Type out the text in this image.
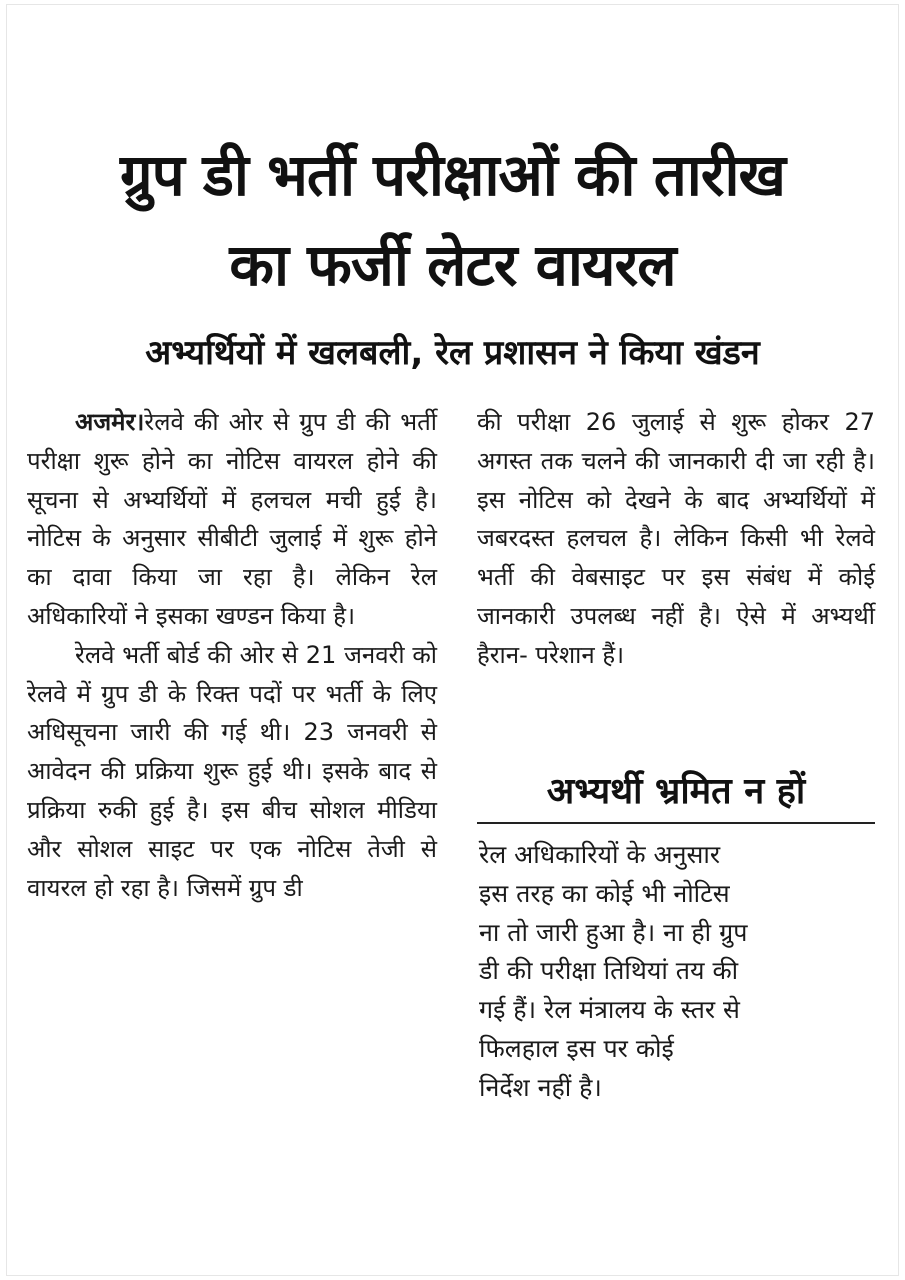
ग्रुप डी भर्ती परीक्षाओं की तारीख
का फर्जी लेटर वायरल
अभ्यर्थियों में खलबली, रेल प्रशासन ने किया खंडन

अजमेर।रेलवे की ओर से ग्रुप डी की भर्ती परीक्षा शुरू होने का नोटिस वायरल होने की सूचना से अभ्यर्थियों में हलचल मची हुई है। नोटिस के अनुसार सीबीटी जुलाई में शुरू होने का दावा किया जा रहा है। लेकिन रेल अधिकारियों ने इसका खण्डन किया है।

रेलवे भर्ती बोर्ड की ओर से 21 जनवरी को रेलवे में ग्रुप डी के रिक्त पदों पर भर्ती के लिए अधिसूचना जारी की गई थी। 23 जनवरी से आवेदन की प्रक्रिया शुरू हुई थी। इसके बाद से प्रक्रिया रुकी हुई है। इस बीच सोशल मीडिया और सोशल साइट पर एक नोटिस तेजी से वायरल हो रहा है। जिसमें ग्रुप डी

की परीक्षा 26 जुलाई से शुरू होकर 27 अगस्त तक चलने की जानकारी दी जा रही है। इस नोटिस को देखने के बाद अभ्यर्थियों में जबरदस्त हलचल है। लेकिन किसी भी रेलवे भर्ती की वेबसाइट पर इस संबंध में कोई जानकारी उपलब्ध नहीं है। ऐसे में अभ्यर्थी हैरान- परेशान हैं।

अभ्यर्थी भ्रमित न हों
रेल अधिकारियों के अनुसार
इस तरह का कोई भी नोटिस
ना तो जारी हुआ है। ना ही ग्रुप
डी की परीक्षा तिथियां तय की
गई हैं। रेल मंत्रालय के स्तर से
फिलहाल इस पर कोई
निर्देश नहीं है।
